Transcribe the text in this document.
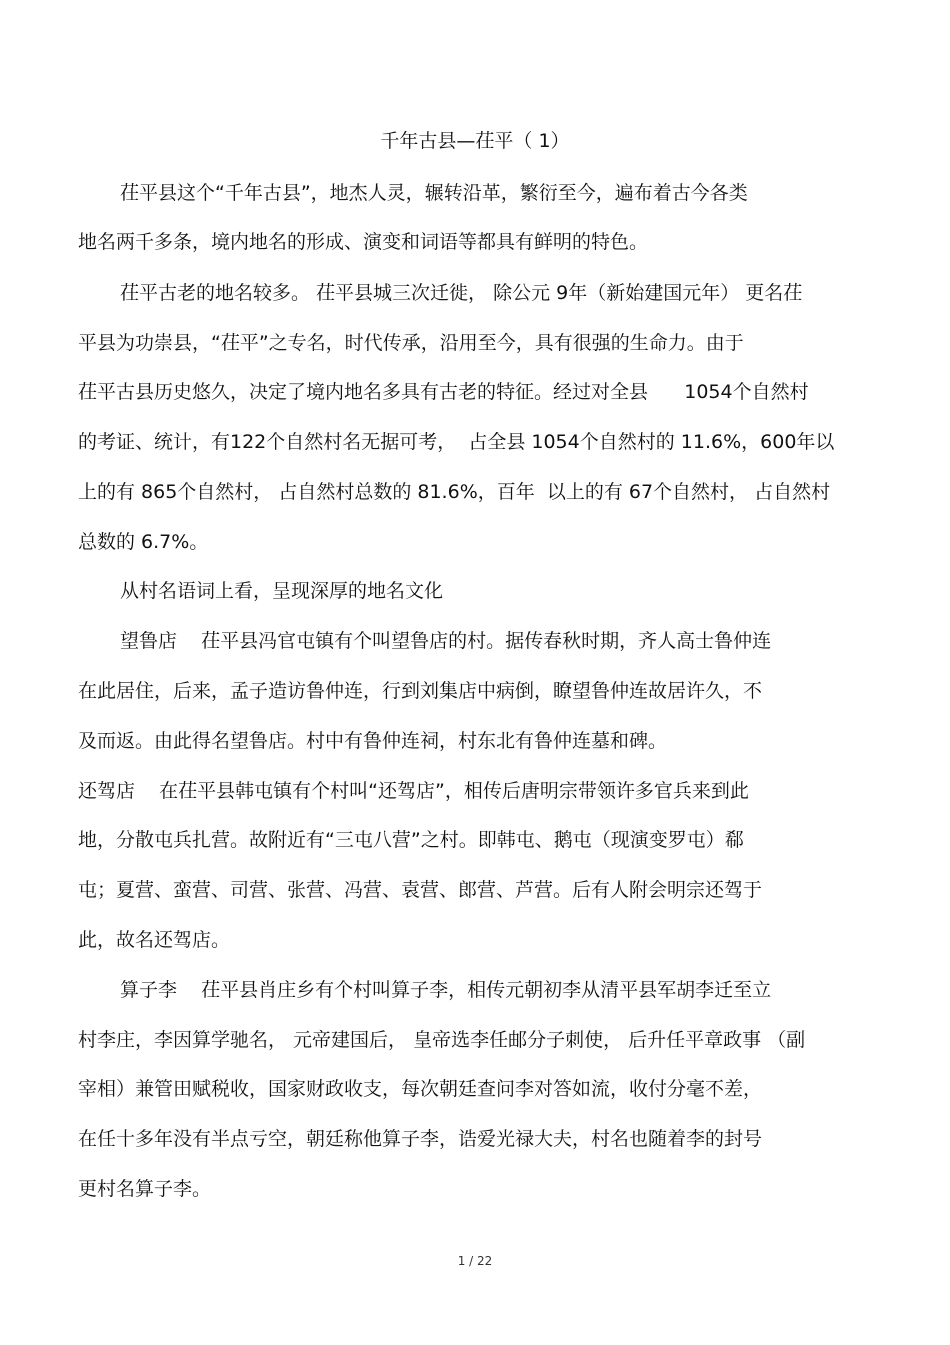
千年古县—茌平（ 1）
茌平县这个“千年古县”，地杰人灵，辗转沿革，繁衍至今，遍布着古今各类
地名两千多条，境内地名的形成、演变和词语等都具有鲜明的特色。
茌平古老的地名较多。 茌平县城三次迁徙， 除公元 9年（新始建国元年） 更名茌
平县为功崇县，“茌平”之专名，时代传承，沿用至今，具有很强的生命力。由于
茌平古县历史悠久，决定了境内地名多具有古老的特征。经过对全县      1054个自然村
的考证、统计，有122个自然村名无据可考，  占全县 1054个自然村的 11.6%，600年以
上的有 865个自然村， 占自然村总数的 81.6%，百年  以上的有 67个自然村， 占自然村
总数的 6.7%。
从村名语词上看，呈现深厚的地名文化
望鲁店    茌平县冯官屯镇有个叫望鲁店的村。据传春秋时期，齐人高士鲁仲连
在此居住，后来，孟子造访鲁仲连，行到刘集店中病倒，瞭望鲁仲连故居许久，不
及而返。由此得名望鲁店。村中有鲁仲连祠，村东北有鲁仲连墓和碑。
还驾店    在茌平县韩屯镇有个村叫“还驾店”，相传后唐明宗带领许多官兵来到此
地，分散屯兵扎营。故附近有“三屯八营”之村。即韩屯、鹅屯（现演变罗屯）郗
屯；夏营、蛮营、司营、张营、冯营、袁营、郎营、芦营。后有人附会明宗还驾于
此，故名还驾店。
算子李    茌平县肖庄乡有个村叫算子李，相传元朝初李从清平县军胡李迁至立
村李庄，李因算学驰名， 元帝建国后， 皇帝选李任邮分子刺使， 后升任平章政事 （副
宰相）兼管田赋税收，国家财政收支，每次朝廷查问李对答如流，收付分毫不差，
在任十多年没有半点亏空，朝廷称他算子李，诰爱光禄大夫，村名也随着李的封号
更村名算子李。
1 / 22
